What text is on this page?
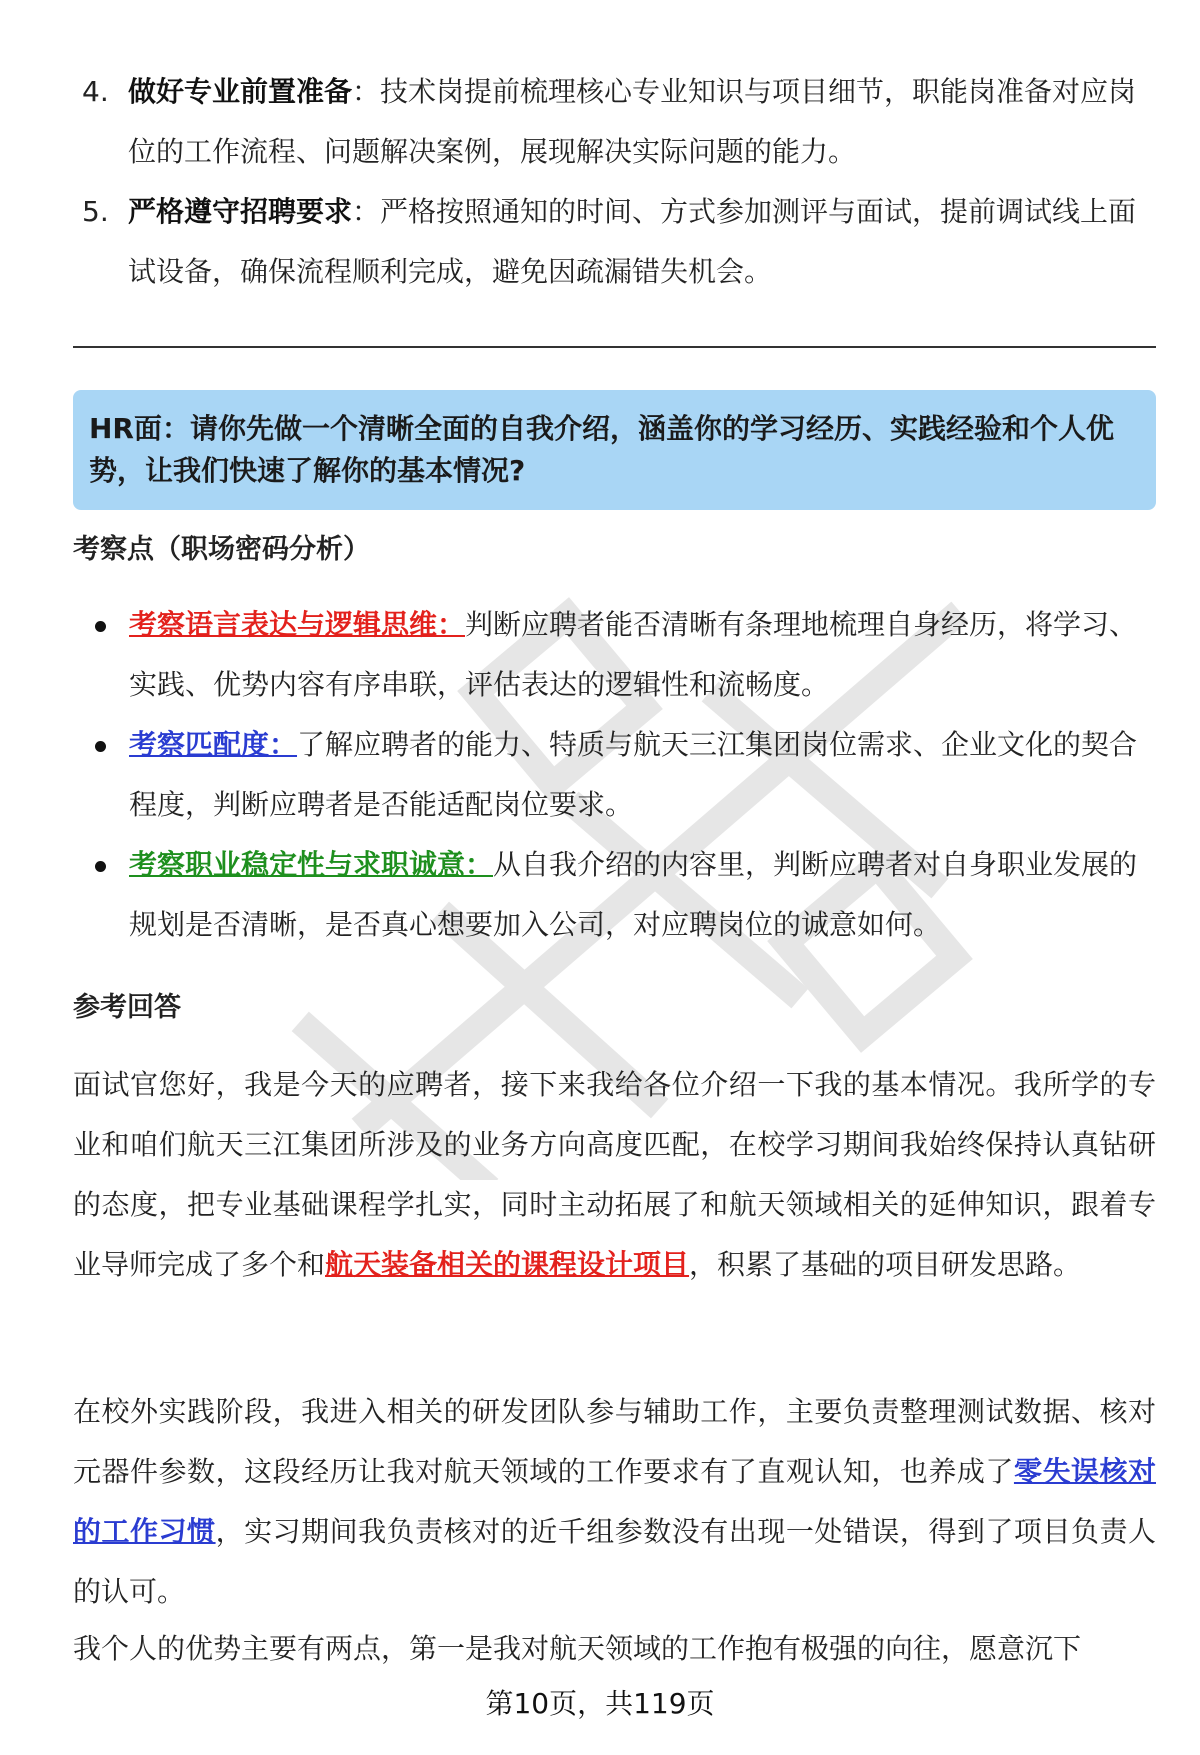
4. 做好专业前置准备：技术岗提前梳理核心专业知识与项目细节，职能岗准备对应岗位的工作流程、问题解决案例，展现解决实际问题的能力。
5. 严格遵守招聘要求：严格按照通知的时间、方式参加测评与面试，提前调试线上面试设备，确保流程顺利完成，避免因疏漏错失机会。
HR面：请你先做一个清晰全面的自我介绍，涵盖你的学习经历、实践经验和个人优势，让我们快速了解你的基本情况?
考察点（职场密码分析）
考察语言表达与逻辑思维：判断应聘者能否清晰有条理地梳理自身经历，将学习、实践、优势内容有序串联，评估表达的逻辑性和流畅度。
考察匹配度：了解应聘者的能力、特质与航天三江集团岗位需求、企业文化的契合程度，判断应聘者是否能适配岗位要求。
考察职业稳定性与求职诚意：从自我介绍的内容里，判断应聘者对自身职业发展的规划是否清晰，是否真心想要加入公司，对应聘岗位的诚意如何。
参考回答
面试官您好，我是今天的应聘者，接下来我给各位介绍一下我的基本情况。我所学的专业和咱们航天三江集团所涉及的业务方向高度匹配，在校学习期间我始终保持认真钻研的态度，把专业基础课程学扎实，同时主动拓展了和航天领域相关的延伸知识，跟着专业导师完成了多个和航天装备相关的课程设计项目，积累了基础的项目研发思路。
在校外实践阶段，我进入相关的研发团队参与辅助工作，主要负责整理测试数据、核对元器件参数，这段经历让我对航天领域的工作要求有了直观认知，也养成了零失误核对的工作习惯，实习期间我负责核对的近千组参数没有出现一处错误，得到了项目负责人的认可。
我个人的优势主要有两点，第一是我对航天领域的工作抱有极强的向往，愿意沉下
第10页，共119页
